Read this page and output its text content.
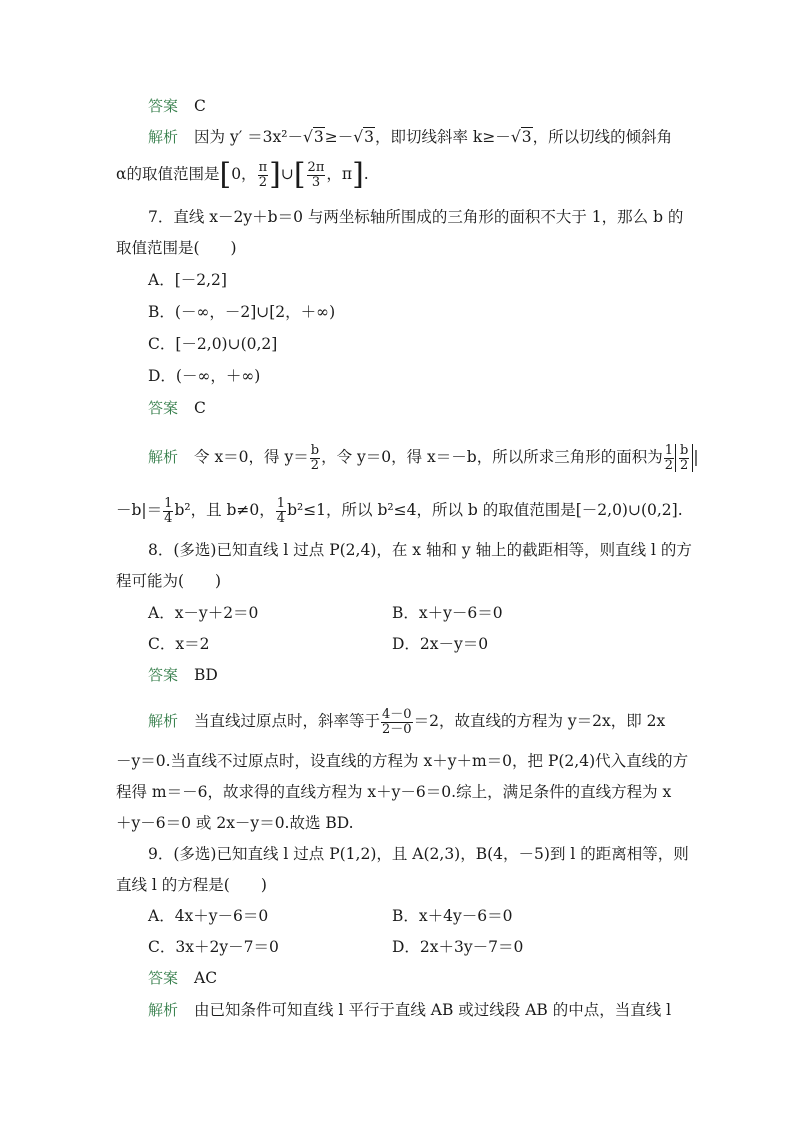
答案 C
解析 因为 y′ ＝3x²－√3≥－√3，即切线斜率 k≥－√3，所以切线的倾斜角
α的取值范围是[0， $\frac{\pi}{2}$ ]∪[ $\frac{2\pi}{3}$ ，π].
7．直线 x－2y＋b＝0 与两坐标轴所围成的三角形的面积不大于 1，那么 b 的
取值范围是(　　)
A．[－2,2]
B．(－∞，－2]∪[2，＋∞)
C．[－2,0)∪(0,2]
D．(－∞，＋∞)
答案 C
解析 令 x＝0，得 $y= \frac{b}{2}$ ，令 y＝0，得 x＝－b，所以所求三角形的面积为 $\frac{1}{2} \frac{b}{2}$ |
$-b|= \frac{1}{4} b^2$，且 b≠0， $\frac{1}{4} b^2\le 1$，所以 b²≤4，所以 b 的取值范围是[－2,0)∪(0,2].
8．(多选)已知直线 l 过点 P(2,4)，在 x 轴和 y 轴上的截距相等，则直线 l 的方
程可能为(　　)
A．x－y＋2＝0	B．x＋y－6＝0
C．x＝2	D．2x－y＝0
答案 BD
解析 当直线过原点时，斜率等于 $\frac{4-0}{2-0} =2$，故直线的方程为 y＝2x，即 2x
－y＝0.当直线不过原点时，设直线的方程为 x＋y＋m＝0，把 P(2,4)代入直线的方
程得 m＝－6，故求得的直线方程为 x＋y－6＝0.综上，满足条件的直线方程为 x
＋y－6＝0 或 2x－y＝0.故选 BD.
9．(多选)已知直线 l 过点 P(1,2)，且 A(2,3)，B(4，－5)到 l 的距离相等，则
直线 l 的方程是(　　)
A．4x＋y－6＝0	B．x＋4y－6＝0
C．3x＋2y－7＝0	D．2x＋3y－7＝0
答案 AC
解析 由已知条件可知直线 l 平行于直线 AB 或过线段 AB 的中点，当直线 l
